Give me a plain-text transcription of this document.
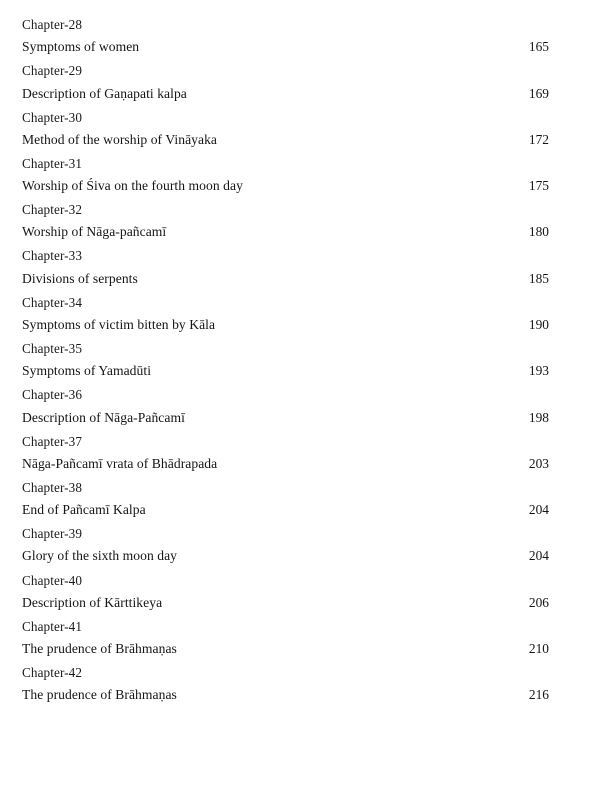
Chapter-28
Symptoms of women	165
Chapter-29
Description of Gaṇapati kalpa	169
Chapter-30
Method of the worship of Vināyaka	172
Chapter-31
Worship of Śiva on the fourth moon day	175
Chapter-32
Worship of Nāga-pañcamī	180
Chapter-33
Divisions of serpents	185
Chapter-34
Symptoms of victim bitten by Kāla	190
Chapter-35
Symptoms of Yamadūti	193
Chapter-36
Description of Nāga-Pañcamī	198
Chapter-37
Nāga-Pañcamī vrata of Bhādrapada	203
Chapter-38
End of Pañcamī Kalpa	204
Chapter-39
Glory of the sixth moon day	204
Chapter-40
Description of Kārttikeya	206
Chapter-41
The prudence of Brāhmaṇas	210
Chapter-42
The prudence of Brāhmaṇas	216
